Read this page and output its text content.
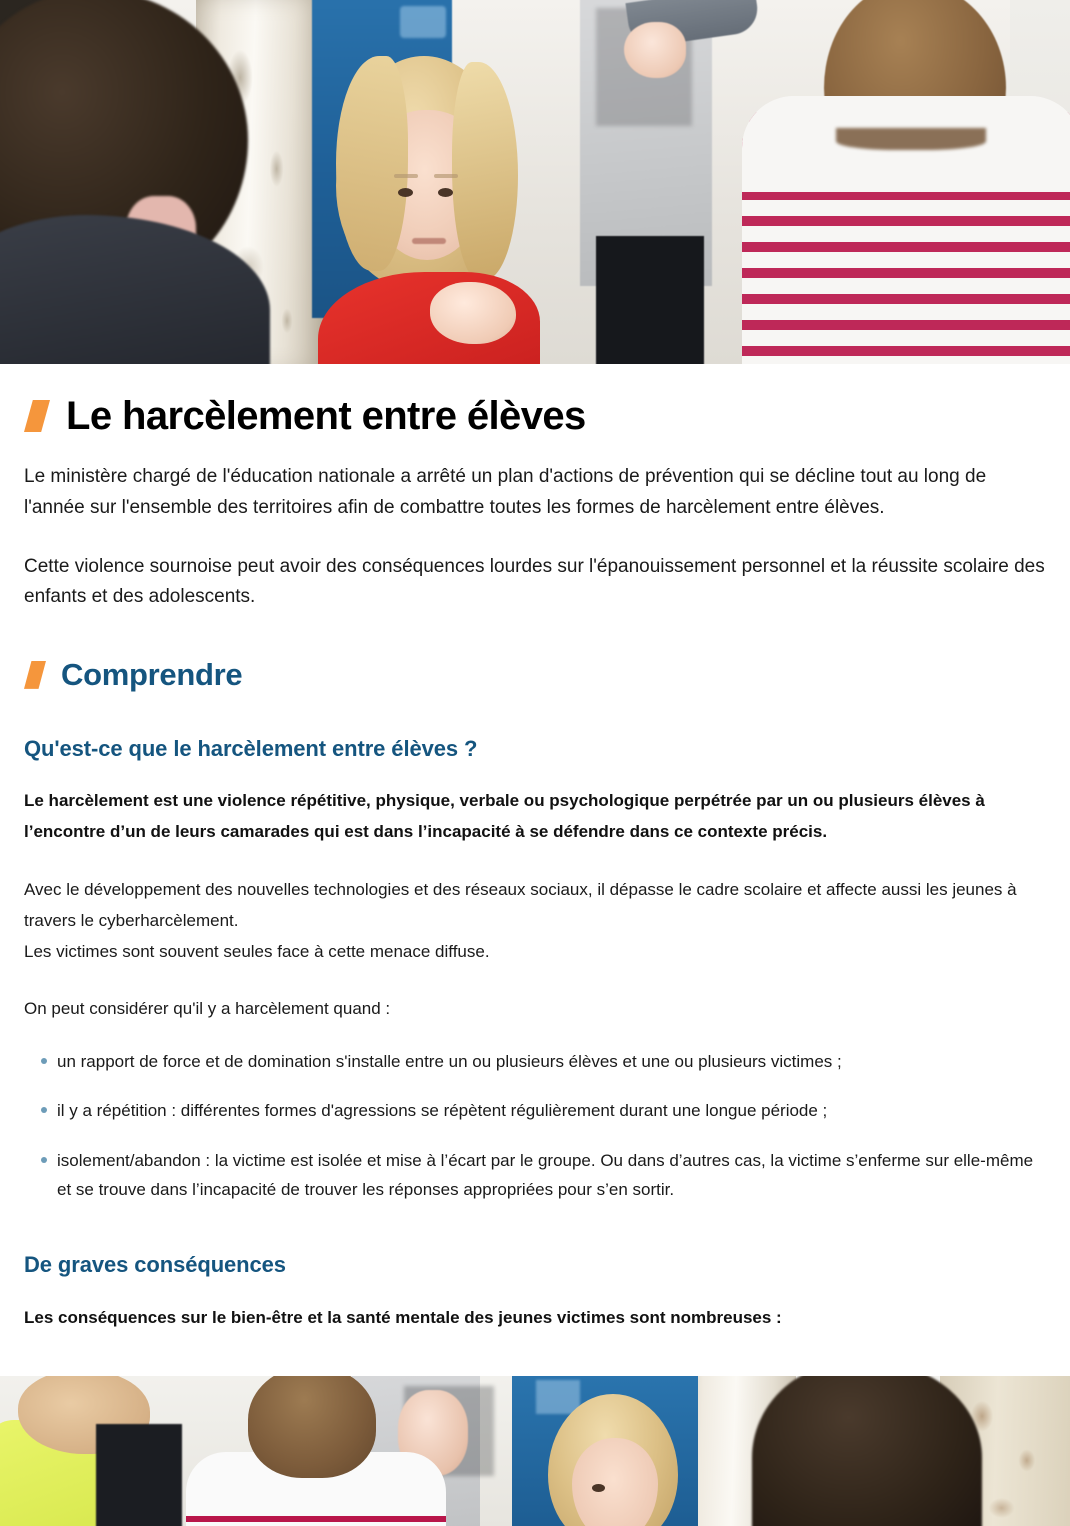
Le harcèlement entre élèves

Le ministère chargé de l'éducation nationale a arrêté un plan d'actions de prévention qui se décline tout au long de l'année sur l'ensemble des territoires afin de combattre toutes les formes de harcèlement entre élèves.

Cette violence sournoise peut avoir des conséquences lourdes sur l'épanouissement personnel et la réussite scolaire des enfants et des adolescents.

Comprendre
Qu'est-ce que le harcèlement entre élèves ?

Le harcèlement est une violence répétitive, physique, verbale ou psychologique perpétrée par un ou plusieurs élèves à l’encontre d’un de leurs camarades qui est dans l’incapacité à se défendre dans ce contexte précis.

Avec le développement des nouvelles technologies et des réseaux sociaux, il dépasse le cadre scolaire et affecte aussi les jeunes à travers le cyberharcèlement.
Les victimes sont souvent seules face à cette menace diffuse.

On peut considérer qu'il y a harcèlement quand :

un rapport de force et de domination s'installe entre un ou plusieurs élèves et une ou plusieurs victimes ;
il y a répétition : différentes formes d'agressions se répètent régulièrement durant une longue période ;
isolement/abandon : la victime est isolée et mise à l’écart par le groupe. Ou dans d’autres cas, la victime s’enferme sur elle-même et se trouve dans l’incapacité de trouver les réponses appropriées pour s’en sortir.
De graves conséquences

Les conséquences sur le bien-être et la santé mentale des jeunes victimes sont nombreuses :
